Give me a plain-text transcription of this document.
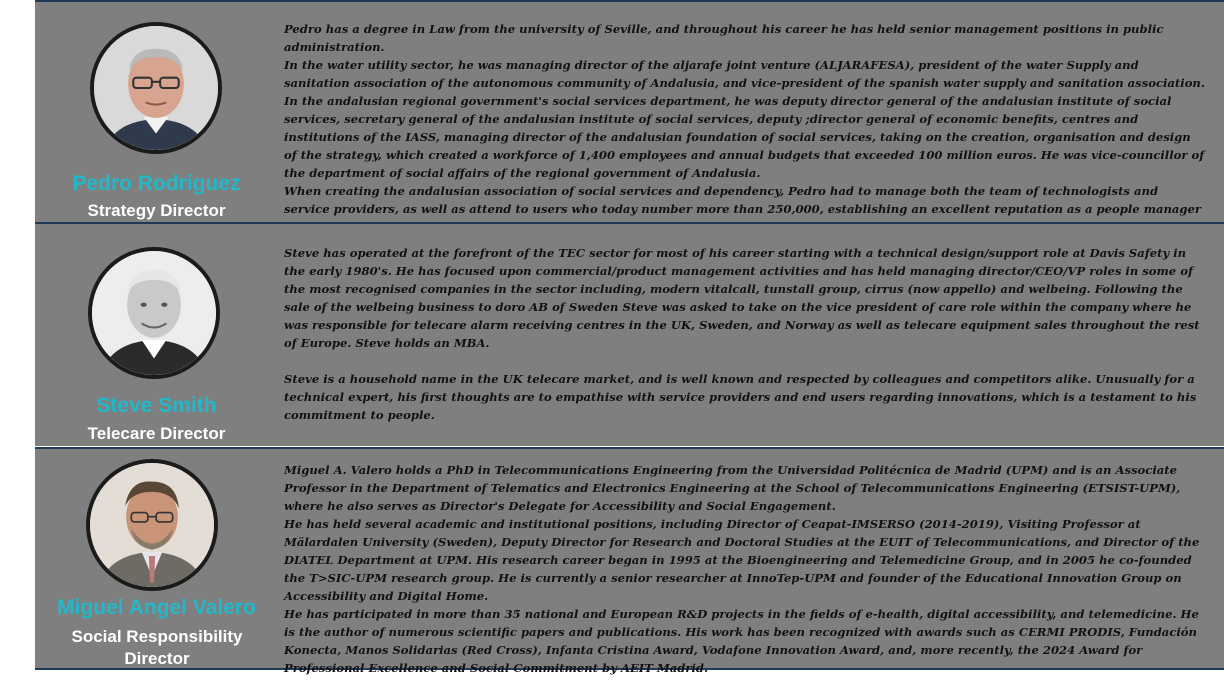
Pedro Rodriguez
Strategy Director

Pedro has a degree in Law from the university of Seville, and throughout his career he has held senior management positions in public administration.

In the water utility sector, he was managing director of the aljarafe joint venture (ALJARAFESA), president of the water Supply and sanitation association of the autonomous community of Andalusia, and vice-president of the spanish water supply and sanitation association.

In the andalusian regional government's social services department, he was deputy director general of the andalusian institute of social services, secretary general of the andalusian institute of social services, deputy ;director general of economic benefits, centres and institutions of the IASS, managing director of the andalusian foundation of social services, taking on the creation, organisation and design of the strategy, which created a workforce of 1,400 employees and annual budgets that exceeded 100 million euros. He was vice-councillor of the department of social affairs of the regional government of Andalusia.

When creating the andalusian association of social services and dependency, Pedro had to manage both the team of technologists and service providers, as well as attend to users who today number more than 250,000, establishing an excellent reputation as a people manager

Steve Smith
Telecare Director

Steve has operated at the forefront of the TEC sector for most of his career starting with a technical design/support role at Davis Safety in the early 1980's. He has focused upon commercial/product management activities and has held managing director/CEO/VP roles in some of the most recognised companies in the sector including, modern vitalcall, tunstall group, cirrus (now appello) and welbeing. Following the sale of the welbeing business to doro AB of Sweden Steve was asked to take on the vice president of care role within the company where he was responsible for telecare alarm receiving centres in the UK, Sweden, and Norway as well as telecare equipment sales throughout the rest of Europe. Steve holds an MBA.

Steve is a household name in the UK telecare market, and is well known and respected by colleagues and competitors alike. Unusually for a technical expert, his first thoughts are to empathise with service providers and end users regarding innovations, which is a testament to his commitment to people.

Miguel Angel Valero
Social Responsibility Director

Miguel A. Valero holds a PhD in Telecommunications Engineering from the Universidad Politécnica de Madrid (UPM) and is an Associate Professor in the Department of Telematics and Electronics Engineering at the School of Telecommunications Engineering (ETSIST-UPM), where he also serves as Director's Delegate for Accessibility and Social Engagement.

He has held several academic and institutional positions, including Director of Ceapat-IMSERSO (2014-2019), Visiting Professor at Mälardalen University (Sweden), Deputy Director for Research and Doctoral Studies at the EUIT of Telecommunications, and Director of the DIATEL Department at UPM. His research career began in 1995 at the Bioengineering and Telemedicine Group, and in 2005 he co-founded the T>SIC-UPM research group. He is currently a senior researcher at InnoTep-UPM and founder of the Educational Innovation Group on Accessibility and Digital Home.

He has participated in more than 35 national and European R&D projects in the fields of e-health, digital accessibility, and telemedicine. He is the author of numerous scientific papers and publications. His work has been recognized with awards such as CERMI PRODIS, Fundación Konecta, Manos Solidarias (Red Cross), Infanta Cristina Award, Vodafone Innovation Award, and, more recently, the 2024 Award for Professional Excellence and Social Commitment by AEIT Madrid.
